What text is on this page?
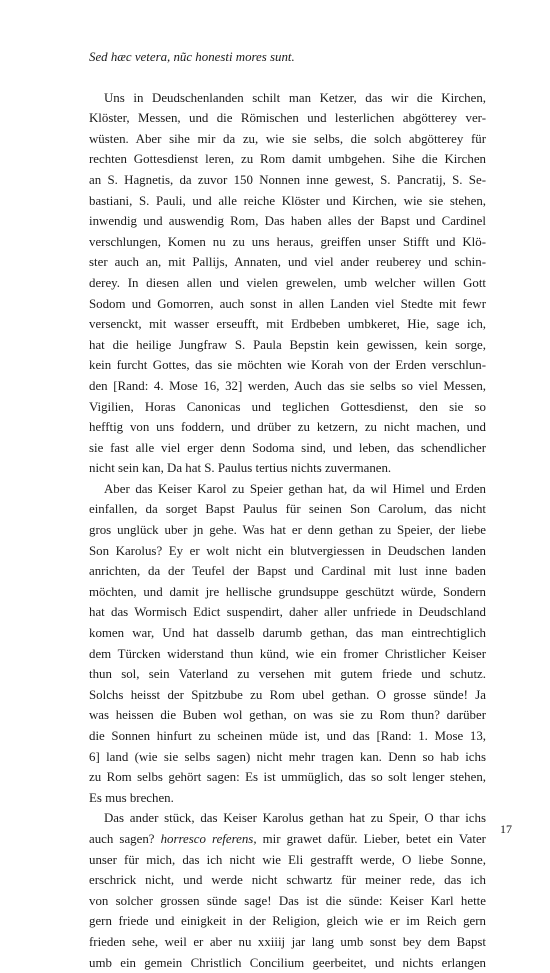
Sed hæc vetera, nũc honesti mores sunt.
Uns in Deudschenlanden schilt man Ketzer, das wir die Kirchen,
Klöster, Messen, und die Römischen und lesterlichen abgötterey ver-
wüsten. Aber sihe mir da zu, wie sie selbs, die solch abgötterey für
rechten Gottesdienst leren, zu Rom damit umbgehen. Sihe die Kirchen
an S. Hagnetis, da zuvor 150 Nonnen inne gewest, S. Pancratij, S. Se-
bastiani, S. Pauli, und alle reiche Klöster und Kirchen, wie sie stehen,
inwendig und auswendig Rom, Das haben alles der Bapst und Cardinel
verschlungen, Komen nu zu uns heraus, greiffen unser Stifft und Klö-
ster auch an, mit Pallijs, Annaten, und viel ander reuberey und schin-
derey. In diesen allen und vielen grewelen, umb welcher willen Gott
Sodom und Gomorren, auch sonst in allen Landen viel Stedte mit fewr
versenckt, mit wasser erseufft, mit Erdbeben umbkeret, Hie, sage ich,
hat die heilige Jungfraw S. Paula Bepstin kein gewissen, kein sorge,
kein furcht Gottes, das sie möchten wie Korah von der Erden verschlun-
den [Rand: 4. Mose 16, 32] werden, Auch das sie selbs so viel Messen,
Vigilien, Horas Canonicas und teglichen Gottesdienst, den sie so
hefftig von uns foddern, und drüber zu ketzern, zu nicht machen, und
sie fast alle viel erger denn Sodoma sind, und leben, das schendlicher
nicht sein kan, Da hat S. Paulus tertius nichts zuvermanen.
Aber das Keiser Karol zu Speier gethan hat, da wil Himel und Erden
einfallen, da sorget Bapst Paulus für seinen Son Carolum, das nicht
gros unglück uber jn gehe. Was hat er denn gethan zu Speier, der liebe
Son Karolus? Ey er wolt nicht ein blutvergiessen in Deudschen landen
anrichten, da der Teufel der Bapst und Cardinal mit lust inne baden
möchten, und damit jre hellische grundsuppe geschützt würde, Sondern
hat das Wormisch Edict suspendirt, daher aller unfriede in Deudschland
komen war, Und hat dasselb darumb gethan, das man eintrechtiglich
dem Türcken widerstand thun künd, wie ein fromer Christlicher Keiser
thun sol, sein Vaterland zu versehen mit gutem friede und schutz.
Solchs heisst der Spitzbube zu Rom ubel gethan. O grosse sünde! Ja
was heissen die Buben wol gethan, on was sie zu Rom thun? darüber
die Sonnen hinfurt zu scheinen müde ist, und das [Rand: 1. Mose 13,
6] land (wie sie selbs sagen) nicht mehr tragen kan. Denn so hab ichs
zu Rom selbs gehört sagen: Es ist ummüglich, das so solt lenger stehen,
Es mus brechen.
Das ander stück, das Keiser Karolus gethan hat zu Speir, O thar ichs
auch sagen? horresco referens, mir grawet dafür. Lieber, betet ein Vater
unser für mich, das ich nicht wie Eli gestrafft werde, O liebe Sonne,
erschrick nicht, und werde nicht schwartz für meiner rede, das ich
von solcher grossen sünde sage! Das ist die sünde: Keiser Karl hette
gern friede und einigkeit in der Religion, gleich wie er im Reich gern
frieden sehe, weil er aber nu xxiiij jar lang umb sonst bey dem Bapst
umb ein gemein Christlich Concilium geerbeitet, und nichts erlangen
17
